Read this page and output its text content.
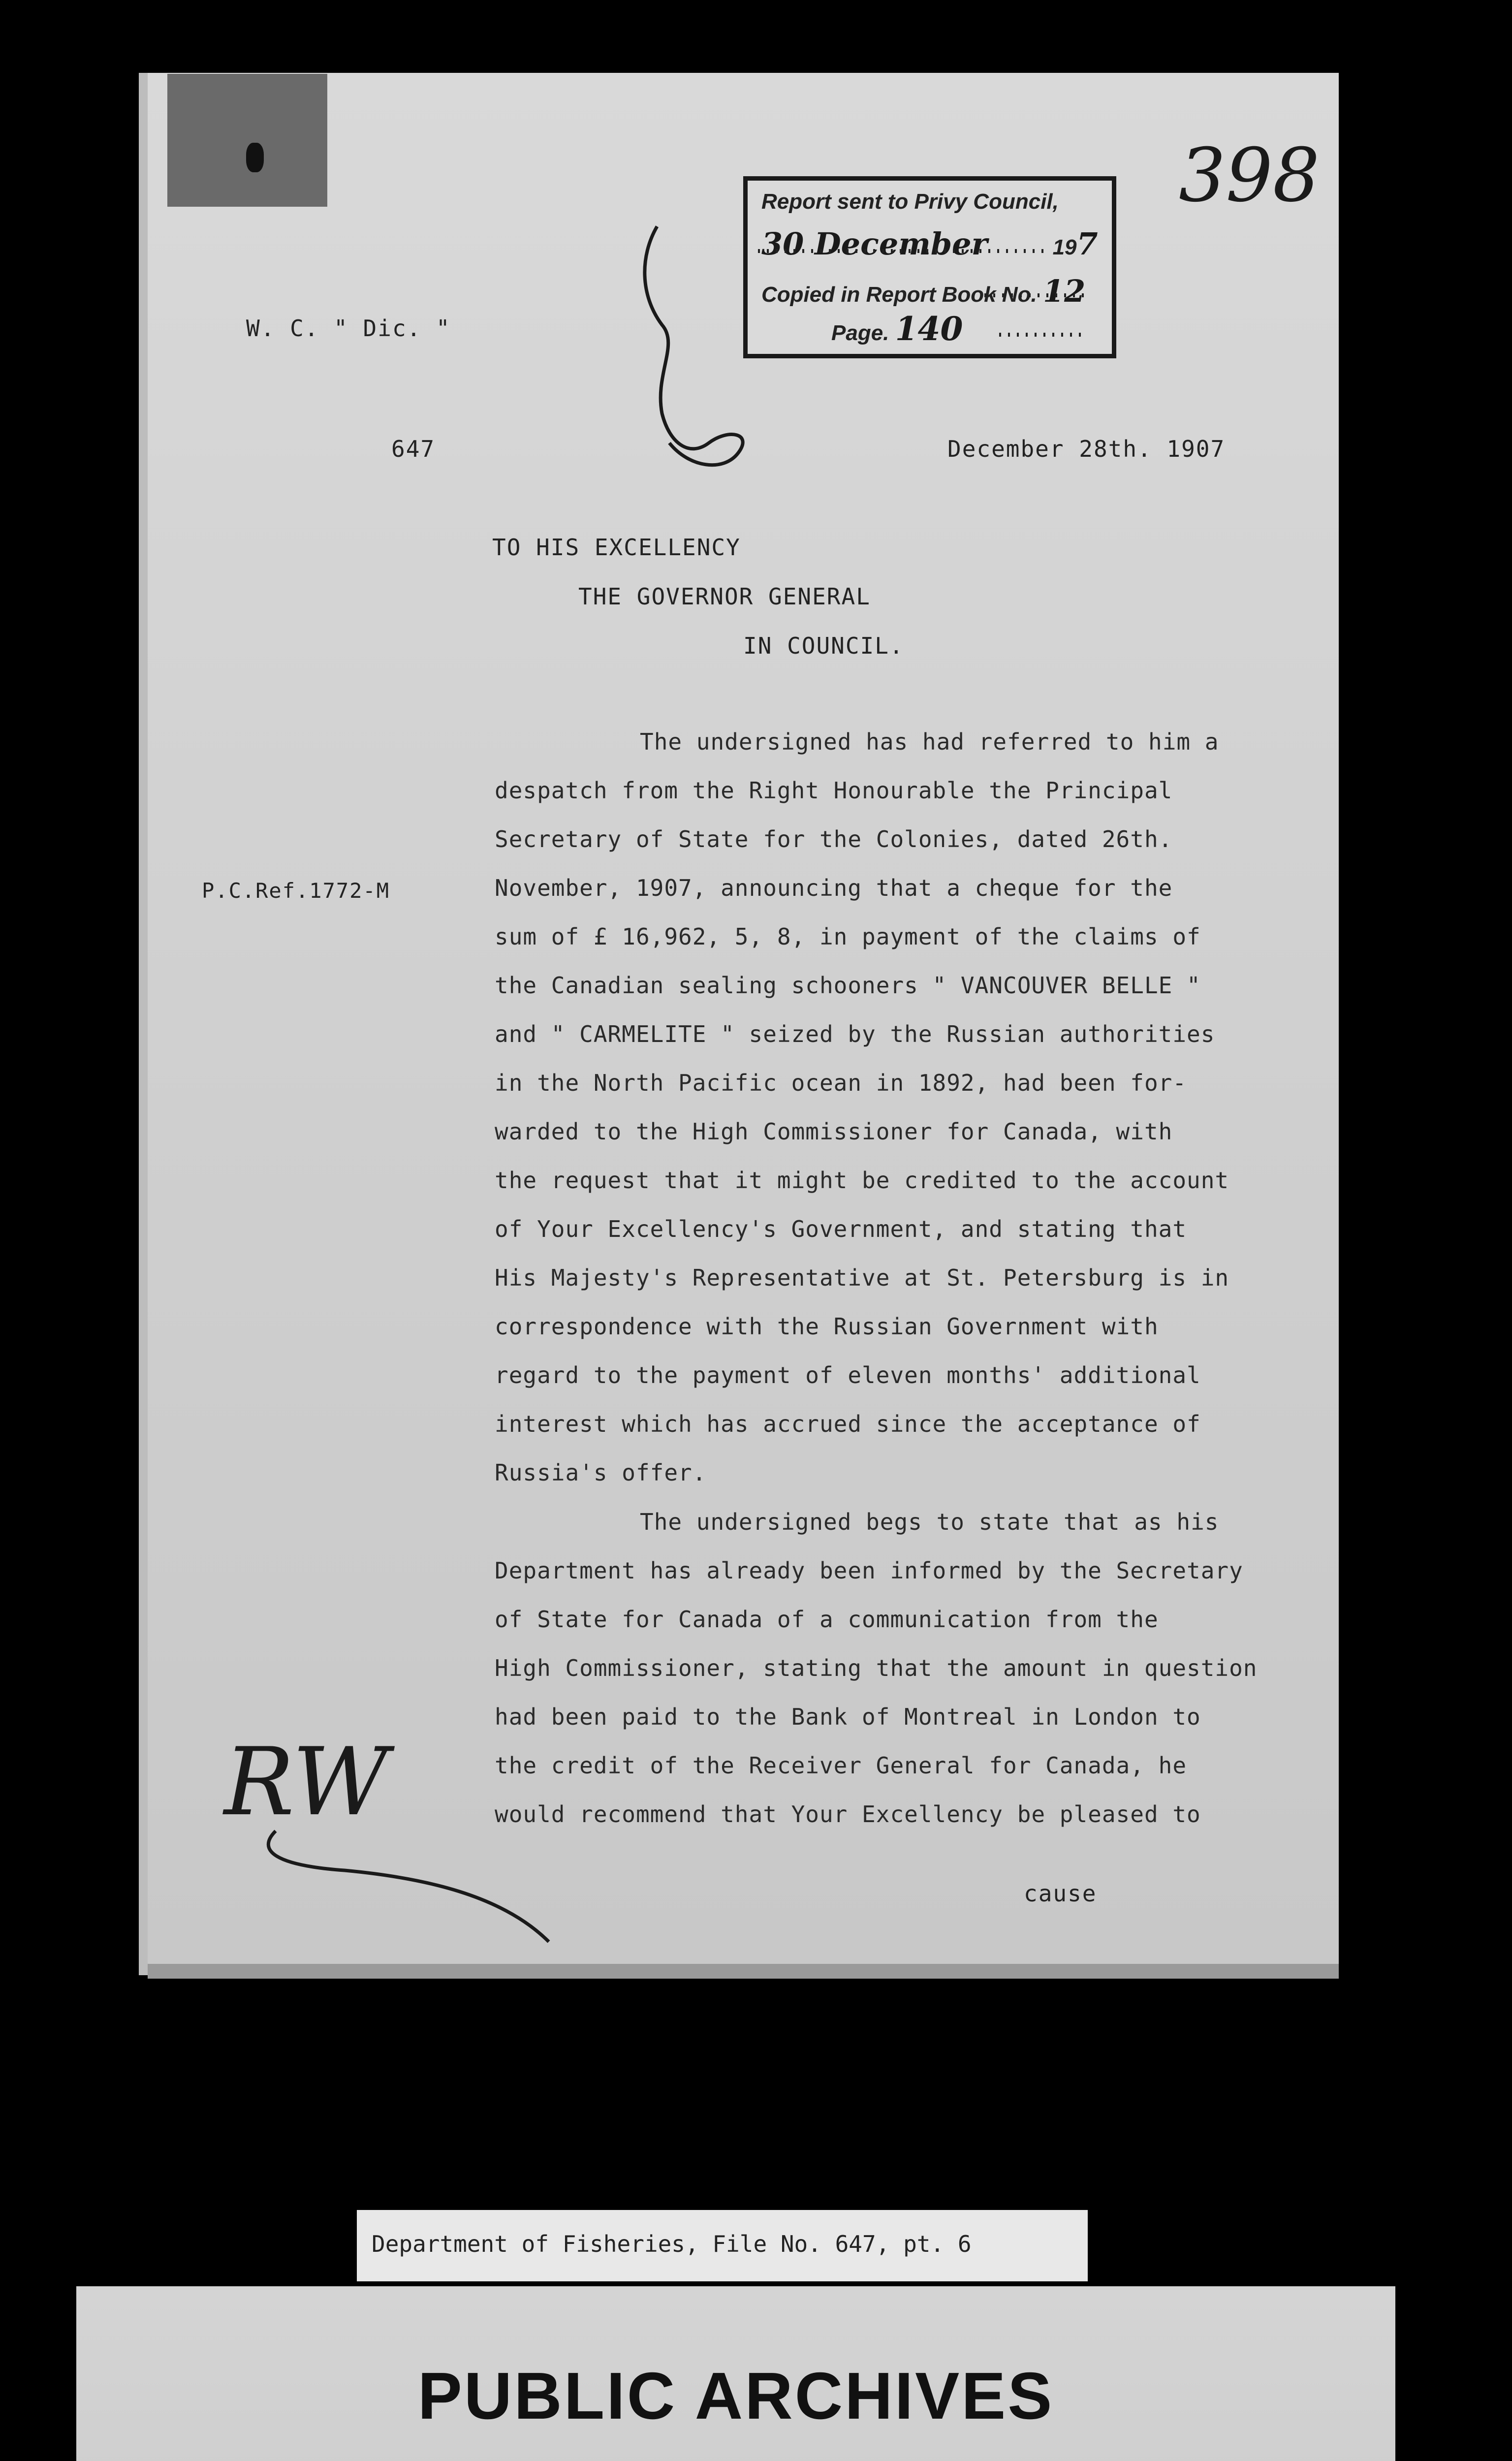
398
Report sent to Privy Council,
30 December	197
Copied in Report Book No. 12
Page. 140
W. C. " Dic. "
647	December 28th. 1907
TO HIS EXCELLENCY
THE GOVERNOR GENERAL
IN COUNCIL.
P.C.Ref.1772-M
The undersigned has had referred to him a
despatch from the Right Honourable the Principal
Secretary of State for the Colonies, dated 26th.
November, 1907, announcing that a cheque for the
sum of £ 16,962, 5, 8, in payment of the claims of
the Canadian sealing schooners " VANCOUVER BELLE "
and " CARMELITE " seized by the Russian authorities
in the North Pacific ocean in 1892, had been for-
warded to the High Commissioner for Canada, with
the request that it might be credited to the account
of Your Excellency's Government, and stating that
His Majesty's Representative at St. Petersburg is in
correspondence with the Russian Government with
regard to the payment of eleven months' additional
interest which has accrued since the acceptance of
Russia's offer.
The undersigned begs to state that as his
Department has already been informed by the Secretary
of State for Canada of a communication from the
High Commissioner, stating that the amount in question
had been paid to the Bank of Montreal in London to
the credit of the Receiver General for Canada, he
would recommend that Your Excellency be pleased to
cause
RW
PUBLIC ARCHIVES
Department of Fisheries, File No. 647, pt. 6
